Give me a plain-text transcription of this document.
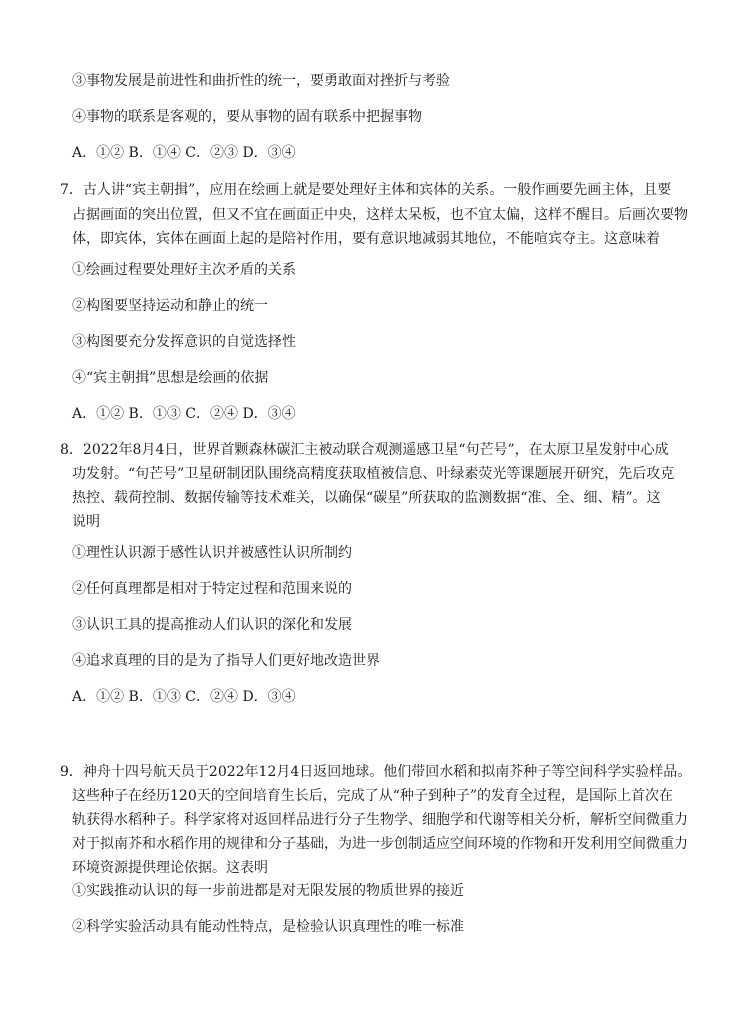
③事物发展是前进性和曲折性的统一，要勇敢面对挫折与考验
④事物的联系是客观的，要从事物的固有联系中把握事物
A．①② B．①④ C．②③ D．③④
7．古人讲“宾主朝揖”，应用在绘画上就是要处理好主体和宾体的关系。一般作画要先画主体，且要
占据画面的突出位置，但又不宜在画面正中央，这样太呆板，也不宜太偏，这样不醒目。后画次要物
体，即宾体，宾体在画面上起的是陪衬作用，要有意识地减弱其地位，不能喧宾夺主。这意味着
①绘画过程要处理好主次矛盾的关系
②构图要坚持运动和静止的统一
③构图要充分发挥意识的自觉选择性
④“宾主朝揖”思想是绘画的依据
A．①② B．①③ C．②④ D．③④
8．2022年8月4日，世界首颗森林碳汇主被动联合观测遥感卫星“句芒号”，在太原卫星发射中心成
功发射。“句芒号”卫星研制团队围绕高精度获取植被信息、叶绿素荧光等课题展开研究，先后攻克
热控、载荷控制、数据传输等技术难关，以确保“碳星”所获取的监测数据“准、全、细、精”。这
说明
①理性认识源于感性认识并被感性认识所制约
②任何真理都是相对于特定过程和范围来说的
③认识工具的提高推动人们认识的深化和发展
④追求真理的目的是为了指导人们更好地改造世界
A．①② B．①③ C．②④ D．③④
9．神舟十四号航天员于2022年12月4日返回地球。他们带回水稻和拟南芥种子等空间科学实验样品。
这些种子在经历120天的空间培育生长后，完成了从“种子到种子”的发育全过程，是国际上首次在
轨获得水稻种子。科学家将对返回样品进行分子生物学、细胞学和代谢等相关分析，解析空间微重力
对于拟南芥和水稻作用的规律和分子基础，为进一步创制适应空间环境的作物和开发利用空间微重力
环境资源提供理论依据。这表明
①实践推动认识的每一步前进都是对无限发展的物质世界的接近
②科学实验活动具有能动性特点，是检验认识真理性的唯一标准
